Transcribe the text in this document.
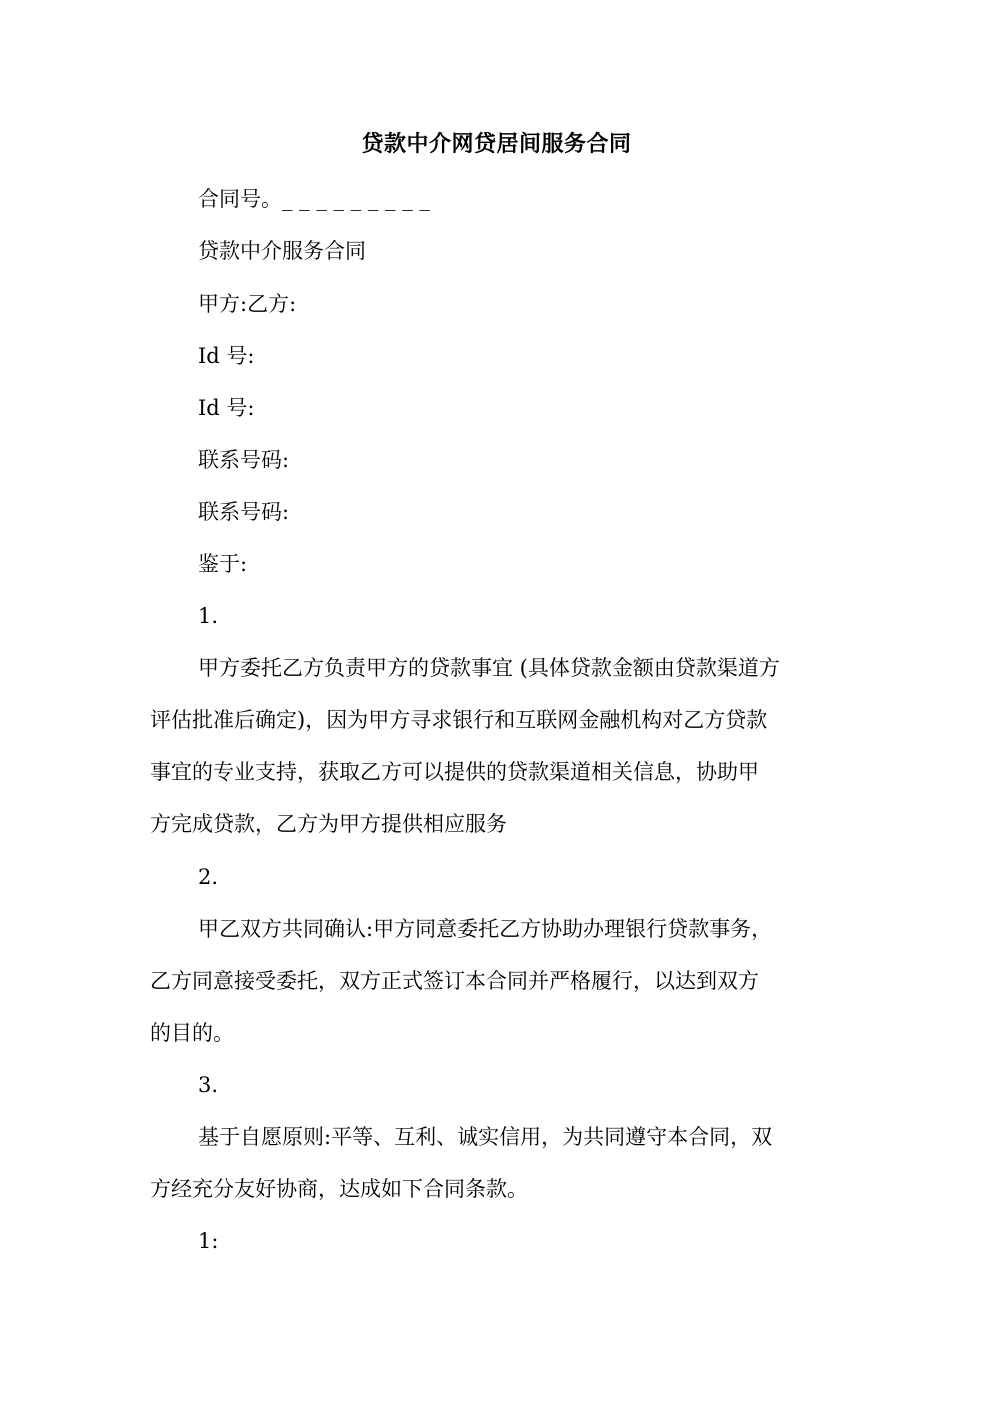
贷款中介网贷居间服务合同
合同号。_ _ _ _ _ _ _ _ _
贷款中介服务合同
甲方:乙方:
Id 号:
Id 号:
联系号码:
联系号码:
鉴于:
1.
甲方委托乙方负责甲方的贷款事宜 (具体贷款金额由贷款渠道方
评估批准后确定)，因为甲方寻求银行和互联网金融机构对乙方贷款
事宜的专业支持，获取乙方可以提供的贷款渠道相关信息，协助甲
方完成贷款，乙方为甲方提供相应服务
2.
甲乙双方共同确认:甲方同意委托乙方协助办理银行贷款事务，
乙方同意接受委托，双方正式签订本合同并严格履行，以达到双方
的目的。
3.
基于自愿原则:平等、互利、诚实信用，为共同遵守本合同，双
方经充分友好协商，达成如下合同条款。
1:
